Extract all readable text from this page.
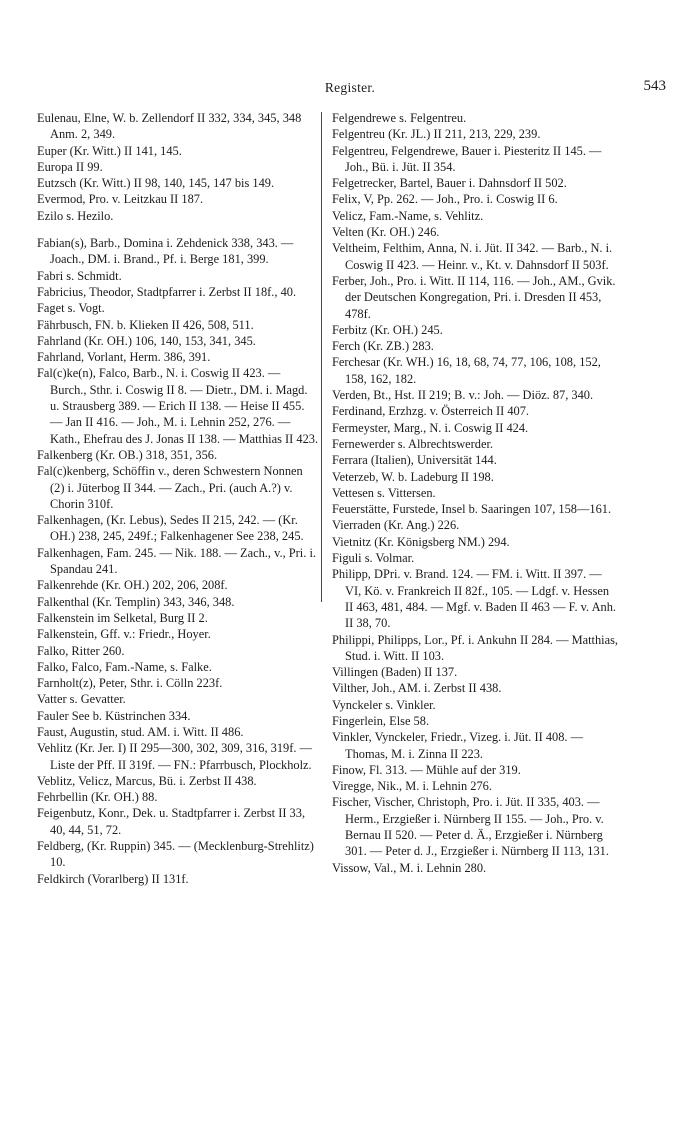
Register.	543

Eulenau, Elne, W. b. Zellendorf II 332, 334, 345, 348 Anm. 2, 349.

Euper (Kr. Witt.) II 141, 145.

Europa II 99.

Eutzsch (Kr. Witt.) II 98, 140, 145, 147 bis 149.

Evermod, Pro. v. Leitzkau II 187.

Ezilo s. Hezilo.

Fabian(s), Barb., Domina i. Zehdenick 338, 343. — Joach., DM. i. Brand., Pf. i. Berge 181, 399.

Fabri s. Schmidt.

Fabricius, Theodor, Stadtpfarrer i. Zerbst II 18f., 40.

Faget s. Vogt.

Fährbusch, FN. b. Klieken II 426, 508, 511.

Fahrland (Kr. OH.) 106, 140, 153, 341, 345.

Fahrland, Vorlant, Herm. 386, 391.

Fal(c)ke(n), Falco, Barb., N. i. Coswig II 423. — Burch., Sthr. i. Coswig II 8. — Dietr., DM. i. Magd. u. Strausberg 389. — Erich II 138. — Heise II 455. — Jan II 416. — Joh., M. i. Lehnin 252, 276. — Kath., Ehefrau des J. Jonas II 138. — Matthias II 423.

Falkenberg (Kr. OB.) 318, 351, 356.

Fal(c)kenberg, Schöffin v., deren Schwestern Nonnen (2) i. Jüterbog II 344. — Zach., Pri. (auch A.?) v. Chorin 310f.

Falkenhagen, (Kr. Lebus), Sedes II 215, 242. — (Kr. OH.) 238, 245, 249f.; Falkenhagener See 238, 245.

Falkenhagen, Fam. 245. — Nik. 188. — Zach., v., Pri. i. Spandau 241.

Falkenrehde (Kr. OH.) 202, 206, 208f.

Falkenthal (Kr. Templin) 343, 346, 348.

Falkenstein im Selketal, Burg II 2.

Falkenstein, Gff. v.: Friedr., Hoyer.

Falko, Ritter 260.

Falko, Falco, Fam.-Name, s. Falke.

Farnholt(z), Peter, Sthr. i. Cölln 223f.

Vatter s. Gevatter.

Fauler See b. Küstrinchen 334.

Faust, Augustin, stud. AM. i. Witt. II 486.

Vehlitz (Kr. Jer. I) II 295—300, 302, 309, 316, 319f. — Liste der Pff. II 319f. — FN.: Pfarrbusch, Plockholz.

Veblitz, Velicz, Marcus, Bü. i. Zerbst II 438.

Fehrbellin (Kr. OH.) 88.

Feigenbutz, Konr., Dek. u. Stadtpfarrer i. Zerbst II 33, 40, 44, 51, 72.

Feldberg, (Kr. Ruppin) 345. — (Mecklenburg-Strehlitz) 10.

Feldkirch (Vorarlberg) II 131f.

Felgendrewe s. Felgentreu.

Felgentreu (Kr. JL.) II 211, 213, 229, 239.

Felgentreu, Felgendrewe, Bauer i. Piesteritz II 145. — Joh., Bü. i. Jüt. II 354.

Felgetrecker, Bartel, Bauer i. Dahnsdorf II 502.

Felix, V, Pp. 262. — Joh., Pro. i. Coswig II 6.

Velicz, Fam.-Name, s. Vehlitz.

Velten (Kr. OH.) 246.

Veltheim, Felthim, Anna, N. i. Jüt. II 342. — Barb., N. i. Coswig II 423. — Heinr. v., Kt. v. Dahnsdorf II 503f.

Ferber, Joh., Pro. i. Witt. II 114, 116. — Joh., AM., Gvik. der Deutschen Kongregation, Pri. i. Dresden II 453, 478f.

Ferbitz (Kr. OH.) 245.

Ferch (Kr. ZB.) 283.

Ferchesar (Kr. WH.) 16, 18, 68, 74, 77, 106, 108, 152, 158, 162, 182.

Verden, Bt., Hst. II 219; B. v.: Joh. — Diöz. 87, 340.

Ferdinand, Erzhzg. v. Österreich II 407.

Fermeyster, Marg., N. i. Coswig II 424.

Fernewerder s. Albrechtswerder.

Ferrara (Italien), Universität 144.

Veterzeb, W. b. Ladeburg II 198.

Vettesen s. Vittersen.

Feuerstätte, Furstede, Insel b. Saaringen 107, 158—161.

Vierraden (Kr. Ang.) 226.

Vietnitz (Kr. Königsberg NM.) 294.

Figuli s. Volmar.

Philipp, DPri. v. Brand. 124. — FM. i. Witt. II 397. — VI, Kö. v. Frankreich II 82f., 105. — Ldgf. v. Hessen II 463, 481, 484. — Mgf. v. Baden II 463 — F. v. Anh. II 38, 70.

Philippi, Philipps, Lor., Pf. i. Ankuhn II 284. — Matthias, Stud. i. Witt. II 103.

Villingen (Baden) II 137.

Vilther, Joh., AM. i. Zerbst II 438.

Vynckeler s. Vinkler.

Fingerlein, Else 58.

Vinkler, Vynckeler, Friedr., Vizeg. i. Jüt. II 408. — Thomas, M. i. Zinna II 223.

Finow, Fl. 313. — Mühle auf der 319.

Viregge, Nik., M. i. Lehnin 276.

Fischer, Vischer, Christoph, Pro. i. Jüt. II 335, 403. — Herm., Erzgießer i. Nürnberg II 155. — Joh., Pro. v. Bernau II 520. — Peter d. Ä., Erzgießer i. Nürnberg 301. — Peter d. J., Erzgießer i. Nürnberg II 113, 131.

Vissow, Val., M. i. Lehnin 280.
